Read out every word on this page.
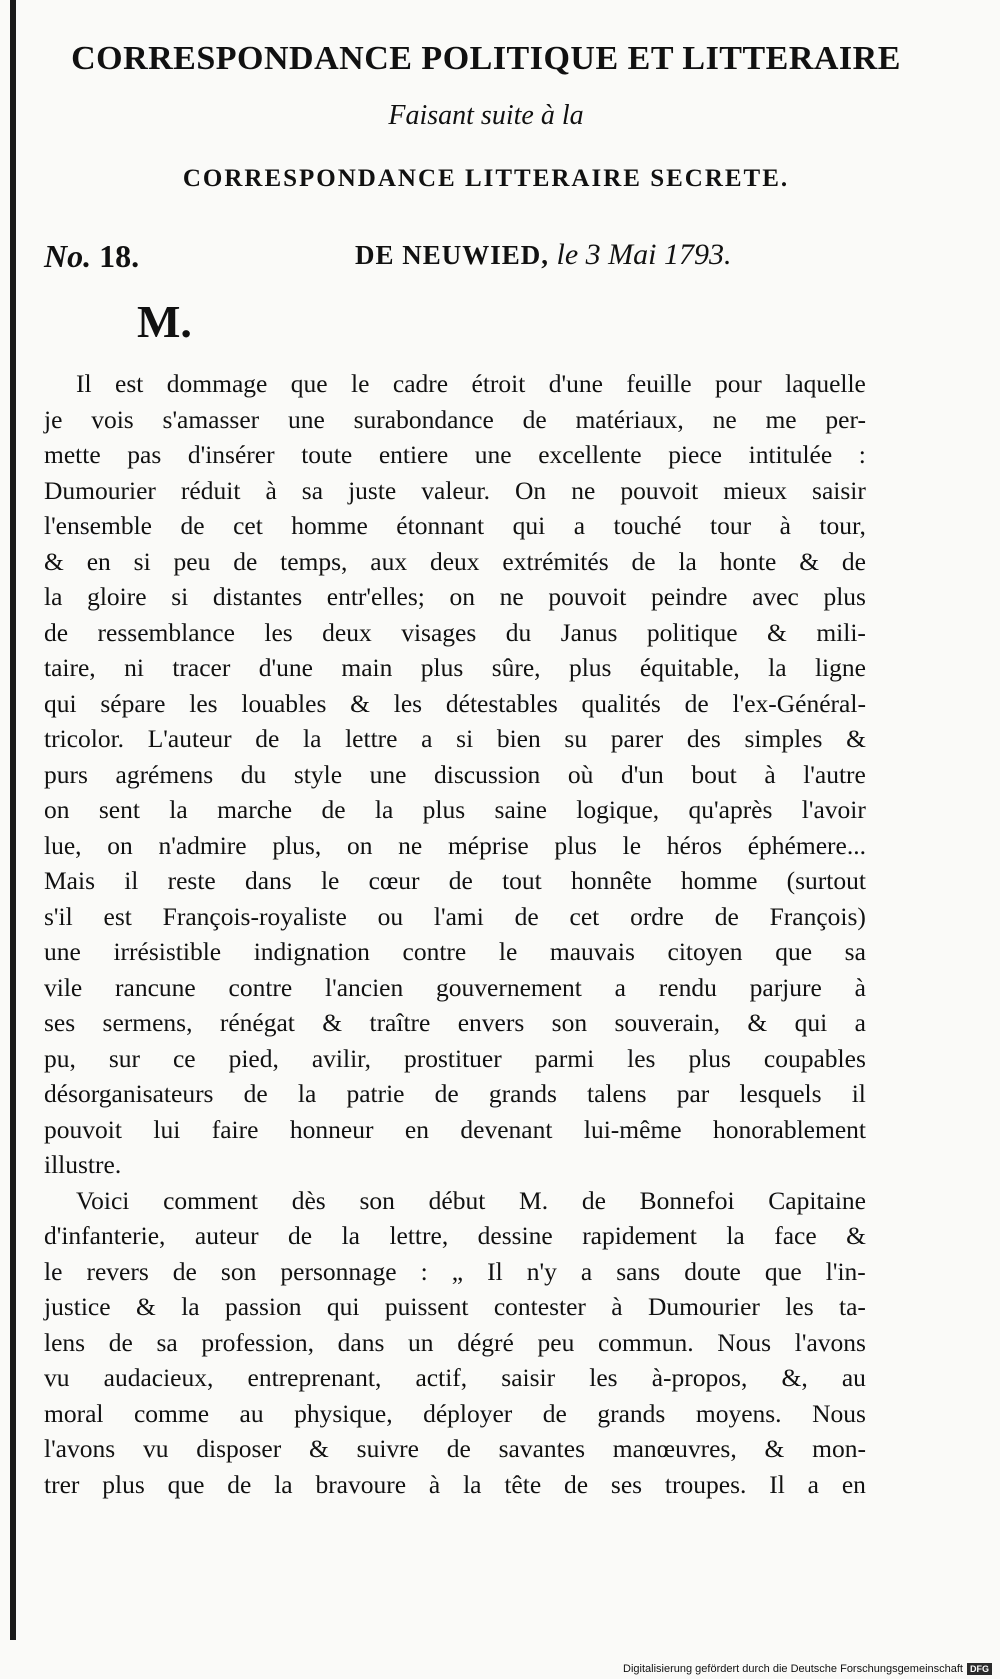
CORRESPONDANCE POLITIQUE ET LITTERAIRE
Faisant suite à la
CORRESPONDANCE LITTERAIRE SECRETE.
No. 18.	DE NEUWIED, le 3 Mai 1793.
M.
Il est dommage que le cadre étroit d'une feuille pour laquelle
je vois s'amasser une surabondance de matériaux, ne me per-
mette pas d'insérer toute entiere une excellente piece intitulée :
Dumourier réduit à sa juste valeur. On ne pouvoit mieux saisir
l'ensemble de cet homme étonnant qui a touché tour à tour,
& en si peu de temps, aux deux extrémités de la honte & de
la gloire si distantes entr'elles; on ne pouvoit peindre avec plus
de ressemblance les deux visages du Janus politique & mili-
taire, ni tracer d'une main plus sûre, plus équitable, la ligne
qui sépare les louables & les détestables qualités de l'ex-Général-
tricolor. L'auteur de la lettre a si bien su parer des simples &
purs agrémens du style une discussion où d'un bout à l'autre
on sent la marche de la plus saine logique, qu'après l'avoir
lue, on n'admire plus, on ne méprise plus le héros éphémere...
Mais il reste dans le cœur de tout honnête homme (surtout
s'il est François-royaliste ou l'ami de cet ordre de François)
une irrésistible indignation contre le mauvais citoyen que sa
vile rancune contre l'ancien gouvernement a rendu parjure à
ses sermens, rénégat & traître envers son souverain, & qui a
pu, sur ce pied, avilir, prostituer parmi les plus coupables
désorganisateurs de la patrie de grands talens par lesquels il
pouvoit lui faire honneur en devenant lui-même honorablement
illustre.
Voici comment dès son début M. de Bonnefoi Capitaine
d'infanterie, auteur de la lettre, dessine rapidement la face &
le revers de son personnage : „ Il n'y a sans doute que l'in-
justice & la passion qui puissent contester à Dumourier les ta-
lens de sa profession, dans un dégré peu commun. Nous l'avons
vu audacieux, entreprenant, actif, saisir les à-propos, &, au
moral comme au physique, déployer de grands moyens. Nous
l'avons vu disposer & suivre de savantes manœuvres, & mon-
trer plus que de la bravoure à la tête de ses troupes. Il a en
Digitalisierung gefördert durch die Deutsche Forschungsgemeinschaft DFG
